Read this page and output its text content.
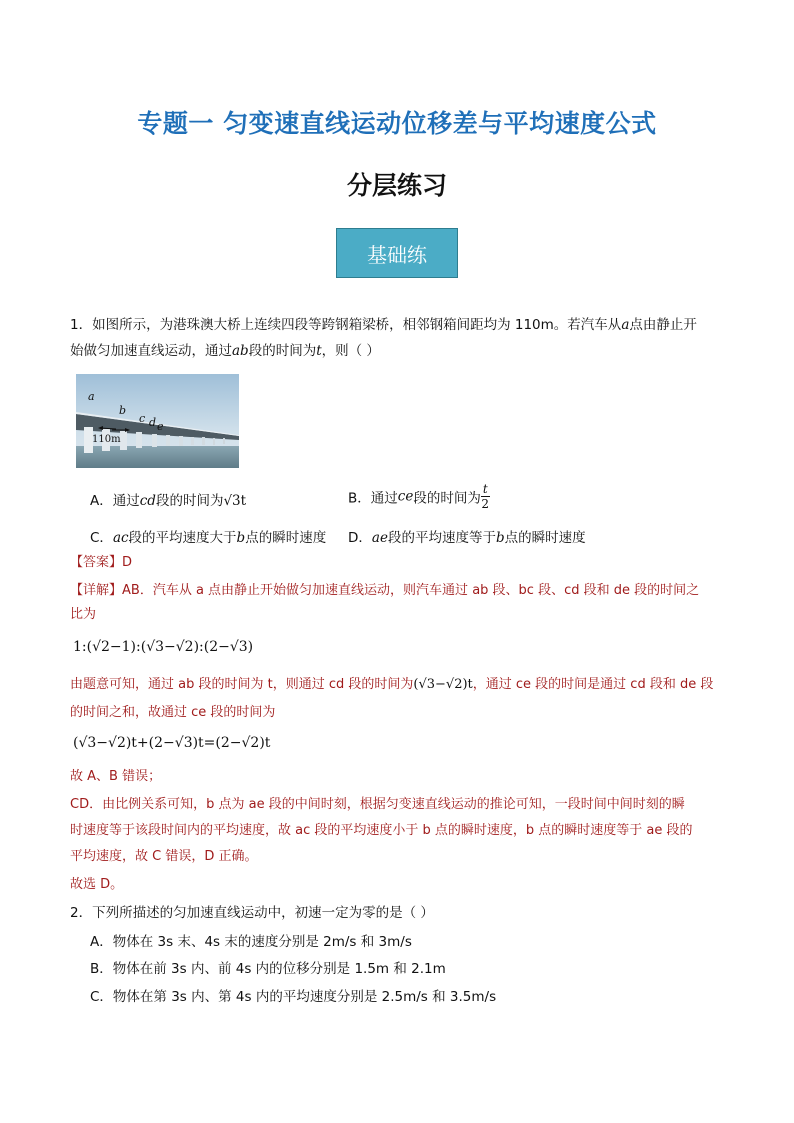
专题一 匀变速直线运动位移差与平均速度公式
分层练习
基础练
1．如图所示，为港珠澳大桥上连续四段等跨钢箱梁桥，相邻钢箱间距均为 110m。若汽车从a点由静止开
始做匀加速直线运动，通过ab段的时间为t，则（ ）
a
b
c d e
110m
A．通过cd段的时间为√3t	B．通过ce段的时间为 $\frac{t}{2}$
C．ac段的平均速度大于b点的瞬时速度 D．ae段的平均速度等于b点的瞬时速度
【答案】D
【详解】AB．汽车从 a 点由静止开始做匀加速直线运动，则汽车通过 ab 段、bc 段、cd 段和 de 段的时间之
比为
1:(√2−1):(√3−√2):(2−√3)
由题意可知，通过 ab 段的时间为 t，则通过 cd 段的时间为(√3−√2)t，通过 ce 段的时间是通过 cd 段和 de 段
的时间之和，故通过 ce 段的时间为
(√3−√2)t+(2−√3)t=(2−√2)t
故 A、B 错误；
CD．由比例关系可知，b 点为 ae 段的中间时刻，根据匀变速直线运动的推论可知，一段时间中间时刻的瞬
时速度等于该段时间内的平均速度，故 ac 段的平均速度小于 b 点的瞬时速度，b 点的瞬时速度等于 ae 段的
平均速度，故 C 错误，D 正确。
故选 D。
2．下列所描述的匀加速直线运动中，初速一定为零的是（ ）
A．物体在 3s 末、4s 末的速度分别是 2m/s 和 3m/s
B．物体在前 3s 内、前 4s 内的位移分别是 1.5m 和 2.1m
C．物体在第 3s 内、第 4s 内的平均速度分别是 2.5m/s 和 3.5m/s
